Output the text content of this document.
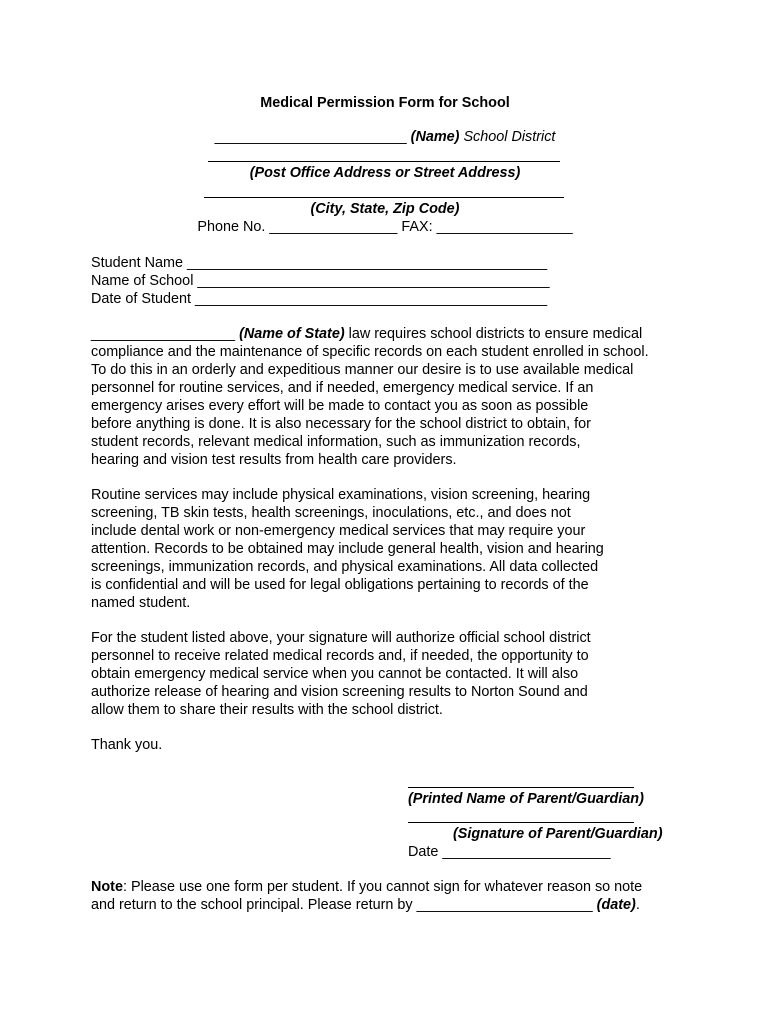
Medical Permission Form for School
________________________ (Name) School District
(Post Office Address or Street Address)
(City, State, Zip Code)
Phone No. ________________ FAX: _________________
Student Name _____________________________________________
Name of School ____________________________________________
Date of Student ____________________________________________
__________________ (Name of State) law requires school districts to ensure medical
compliance and the maintenance of specific records on each student enrolled in school.
To do this in an orderly and expeditious manner our desire is to use available medical
personnel for routine services, and if needed, emergency medical service. If an
emergency arises every effort will be made to contact you as soon as possible
before anything is done. It is also necessary for the school district to obtain, for
student records, relevant medical information, such as immunization records,
hearing and vision test results from health care providers.
Routine services may include physical examinations, vision screening, hearing
screening, TB skin tests, health screenings, inoculations, etc., and does not
include dental work or non-emergency medical services that may require your
attention. Records to be obtained may include general health, vision and hearing
screenings, immunization records, and physical examinations. All data collected
is confidential and will be used for legal obligations pertaining to records of the
named student.
For the student listed above, your signature will authorize official school district
personnel to receive related medical records and, if needed, the opportunity to
obtain emergency medical service when you cannot be contacted. It will also
authorize release of hearing and vision screening results to Norton Sound and
allow them to share their results with the school district.
Thank you.
(Printed Name of Parent/Guardian)
(Signature of Parent/Guardian)
Date _____________________
Note: Please use one form per student. If you cannot sign for whatever reason so note
and return to the school principal. Please return by ______________________ (date).
